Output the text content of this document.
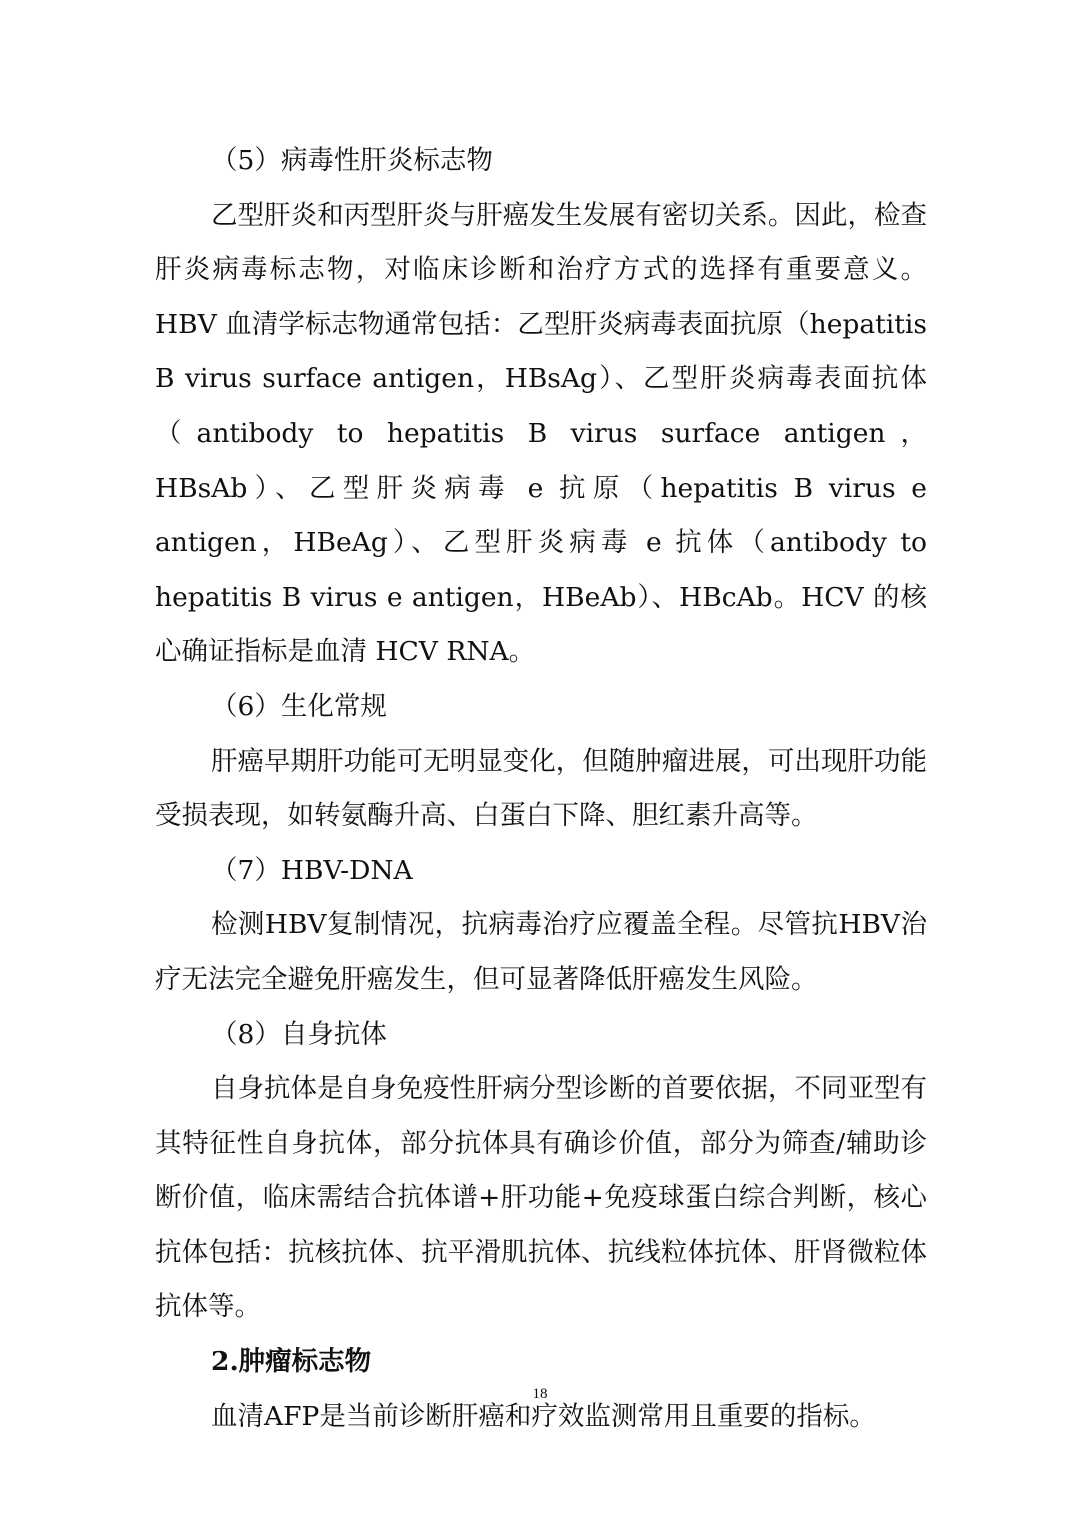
（5）病毒性肝炎标志物

乙型肝炎和丙型肝炎与肝癌发生发展有密切关系。因此，检查肝炎病毒标志物，对临床诊断和治疗方式的选择有重要意义。HBV 血清学标志物通常包括：乙型肝炎病毒表面抗原（hepatitis B virus surface antigen，HBsAg）、乙型肝炎病毒表面抗体（antibody to hepatitis B virus surface antigen，HBsAb）、乙型肝炎病毒 e 抗原（hepatitis B virus e antigen，HBeAg）、乙型肝炎病毒 e 抗体（antibody to hepatitis B virus e antigen，HBeAb）、HBcAb。HCV 的核心确证指标是血清 HCV RNA。

（6）生化常规

肝癌早期肝功能可无明显变化，但随肿瘤进展，可出现肝功能受损表现，如转氨酶升高、白蛋白下降、胆红素升高等。

（7）HBV-DNA

检测HBV复制情况，抗病毒治疗应覆盖全程。尽管抗HBV治疗无法完全避免肝癌发生，但可显著降低肝癌发生风险。

（8）自身抗体

自身抗体是自身免疫性肝病分型诊断的首要依据，不同亚型有其特征性自身抗体，部分抗体具有确诊价值，部分为筛查/辅助诊断价值，临床需结合抗体谱+肝功能+免疫球蛋白综合判断，核心抗体包括：抗核抗体、抗平滑肌抗体、抗线粒体抗体、肝肾微粒体抗体等。

2.肿瘤标志物

血清AFP是当前诊断肝癌和疗效监测常用且重要的指标。

18
